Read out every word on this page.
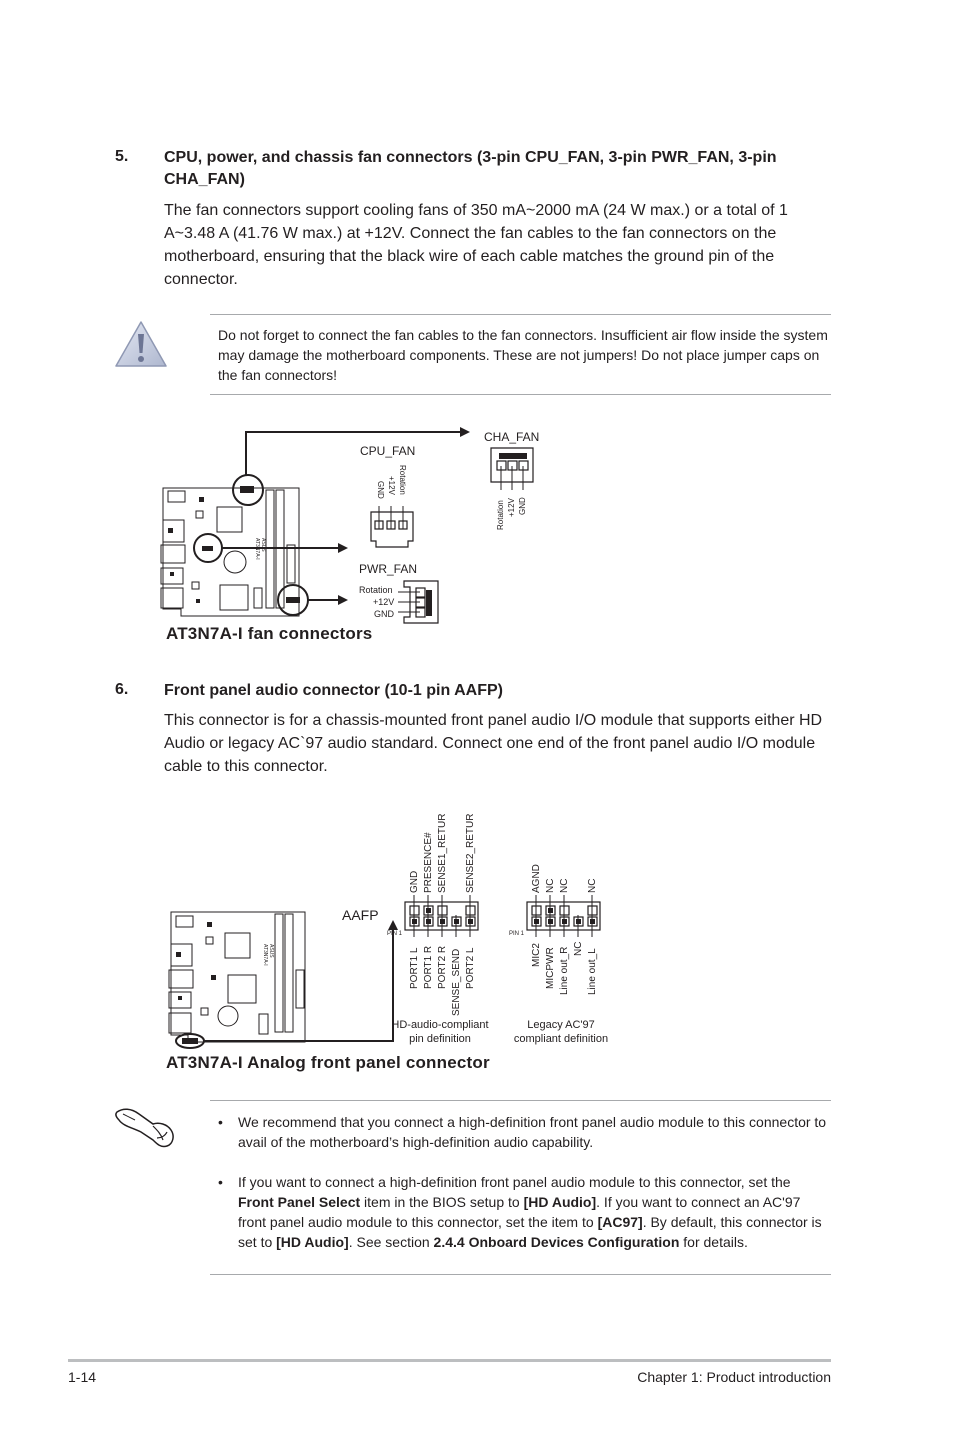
5. CPU, power, and chassis fan connectors (3-pin CPU_FAN, 3-pin PWR_FAN, 3-pin CHA_FAN)
The fan connectors support cooling fans of 350 mA~2000 mA (24 W max.) or a total of 1 A~3.48 A (41.76 W max.) at +12V. Connect the fan cables to the fan connectors on the motherboard, ensuring that the black wire of each cable matches the ground pin of the connector.
Do not forget to connect the fan cables to the fan connectors. Insufficient air flow inside the system may damage the motherboard components. These are not jumpers! Do not place jumper caps on the fan connectors!
ASUS
AT3N7A-I
CPU_FAN
GND +12V Rotation
CHA_FAN
Rotation +12V GND
PWR_FAN
Rotation
+12V
GND
AT3N7A-I fan connectors
6. Front panel audio connector (10-1 pin AAFP)
This connector is for a chassis-mounted front panel audio I/O module that supports either HD Audio or legacy AC`97 audio standard. Connect one end of the front panel audio I/O module cable to this connector.
ASUS
AT3N7A-I
AAFP
PIN 1
GND PRESENCE# SENSE1_RETUR SENSE2_RETUR
PORT1 L PORT1 R PORT2 R SENSE_SEND PORT2 L
HD-audio-compliant
pin definition
PIN 1
AGND NC NC NC
MIC2 MICPWR Line out_R NC Line out_L
Legacy AC'97
compliant definition
AT3N7A-I Analog front panel connector
• We recommend that you connect a high-definition front panel audio module to this connector to avail of the motherboard’s high-definition audio capability.
• If you want to connect a high-definition front panel audio module to this connector, set the Front Panel Select item in the BIOS setup to [HD Audio]. If you want to connect an AC'97 front panel audio module to this connector, set the item to [AC97]. By default, this connector is set to [HD Audio]. See section 2.4.4 Onboard Devices Configuration for details.
1-14	Chapter 1: Product introduction
